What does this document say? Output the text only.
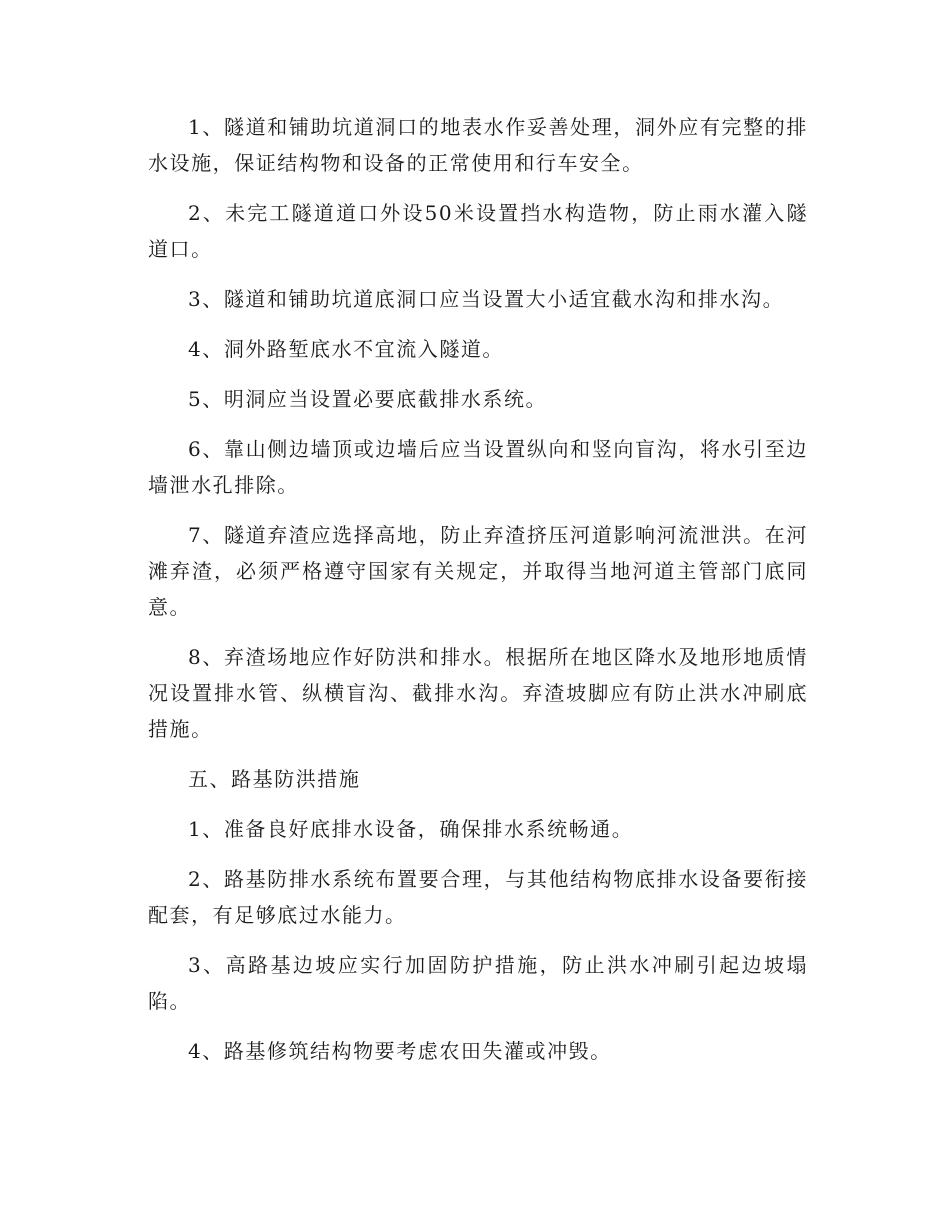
1、隧道和铺助坑道洞口的地表水作妥善处理，洞外应有完整的排水设施，保证结构物和设备的正常使用和行车安全。

2、未完工隧道道口外设50米设置挡水构造物，防止雨水灌入隧道口。

3、隧道和铺助坑道底洞口应当设置大小适宜截水沟和排水沟。

4、洞外路堑底水不宜流入隧道。

5、明洞应当设置必要底截排水系统。

6、靠山侧边墙顶或边墙后应当设置纵向和竖向盲沟，将水引至边墙泄水孔排除。

7、隧道弃渣应选择高地，防止弃渣挤压河道影响河流泄洪。在河滩弃渣，必须严格遵守国家有关规定，并取得当地河道主管部门底同意。

8、弃渣场地应作好防洪和排水。根据所在地区降水及地形地质情况设置排水管、纵横盲沟、截排水沟。弃渣坡脚应有防止洪水冲刷底措施。

五、路基防洪措施

1、准备良好底排水设备，确保排水系统畅通。

2、路基防排水系统布置要合理，与其他结构物底排水设备要衔接配套，有足够底过水能力。

3、高路基边坡应实行加固防护措施，防止洪水冲刷引起边坡塌陷。

4、路基修筑结构物要考虑农田失灌或冲毁。
